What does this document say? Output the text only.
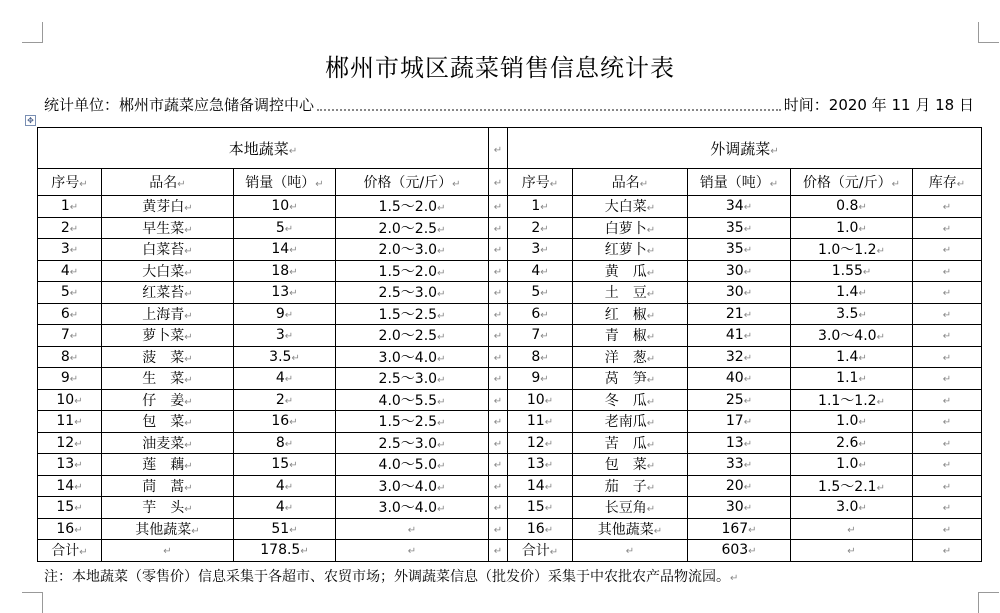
郴州市城区蔬菜销售信息统计表
统计单位：郴州市蔬菜应急储备调控中心	时间：2020 年 11 月 18 日
✥
本地蔬菜 ↵	↵				外调蔬菜 ↵
序号 ↵	品名 ↵	销量（吨） ↵	价格（元/斤） ↵	↵	序号 ↵	品名 ↵	销量（吨） ↵	价格（元/斤） ↵	库存 ↵
1 ↵	黄芽白 ↵	10 ↵	1.5～2.0 ↵	↵	1 ↵	大白菜 ↵	34 ↵	0.8 ↵	↵
2 ↵	早生菜 ↵	5 ↵	2.0～2.5 ↵	↵	2 ↵	白萝卜 ↵	35 ↵	1.0 ↵	↵
3 ↵	白菜苔 ↵	14 ↵	2.0～3.0 ↵	↵	3 ↵	红萝卜 ↵	35 ↵	1.0～1.2 ↵	↵
4 ↵	大白菜 ↵	18 ↵	1.5～2.0 ↵	↵	4 ↵	黄　瓜 ↵	30 ↵	1.55 ↵	↵
5 ↵	红菜苔 ↵	13 ↵	2.5～3.0 ↵	↵	5 ↵	土　豆 ↵	30 ↵	1.4 ↵	↵
6 ↵	上海青 ↵	9 ↵	1.5～2.5 ↵	↵	6 ↵	红　椒 ↵	21 ↵	3.5 ↵	↵
7 ↵	萝卜菜 ↵	3 ↵	2.0～2.5 ↵	↵	7 ↵	青　椒 ↵	41 ↵	3.0～4.0 ↵	↵
8 ↵	菠　菜 ↵	3.5 ↵	3.0～4.0 ↵	↵	8 ↵	洋　葱 ↵	32 ↵	1.4 ↵	↵
9 ↵	生　菜 ↵	4 ↵	2.5～3.0 ↵	↵	9 ↵	莴　笋 ↵	40 ↵	1.1 ↵	↵
10 ↵	仔　姜 ↵	2 ↵	4.0～5.5 ↵	↵	10 ↵	冬　瓜 ↵	25 ↵	1.1～1.2 ↵	↵
11 ↵	包　菜 ↵	16 ↵	1.5～2.5 ↵	↵	11 ↵	老南瓜 ↵	17 ↵	1.0 ↵	↵
12 ↵	油麦菜 ↵	8 ↵	2.5～3.0 ↵	↵	12 ↵	苦　瓜 ↵	13 ↵	2.6 ↵	↵
13 ↵	莲　藕 ↵	15 ↵	4.0～5.0 ↵	↵	13 ↵	包　菜 ↵	33 ↵	1.0 ↵	↵
14 ↵	茼　蒿 ↵	4 ↵	3.0～4.0 ↵	↵	14 ↵	茄　子 ↵	20 ↵	1.5～2.1 ↵	↵
15 ↵	芋　头 ↵	4 ↵	3.0～4.0 ↵	↵	15 ↵	长豆角 ↵	30 ↵	3.0 ↵	↵
16 ↵	其他蔬菜 ↵	51 ↵	↵	↵	16 ↵	其他蔬菜 ↵	167 ↵	↵	↵
合计 ↵	↵	178.5 ↵	↵	↵	合计 ↵	↵	603 ↵	↵	↵
注：本地蔬菜（零售价）信息采集于各超市、农贸市场；外调蔬菜信息（批发价）采集于中农批农产品物流园。 ↵
